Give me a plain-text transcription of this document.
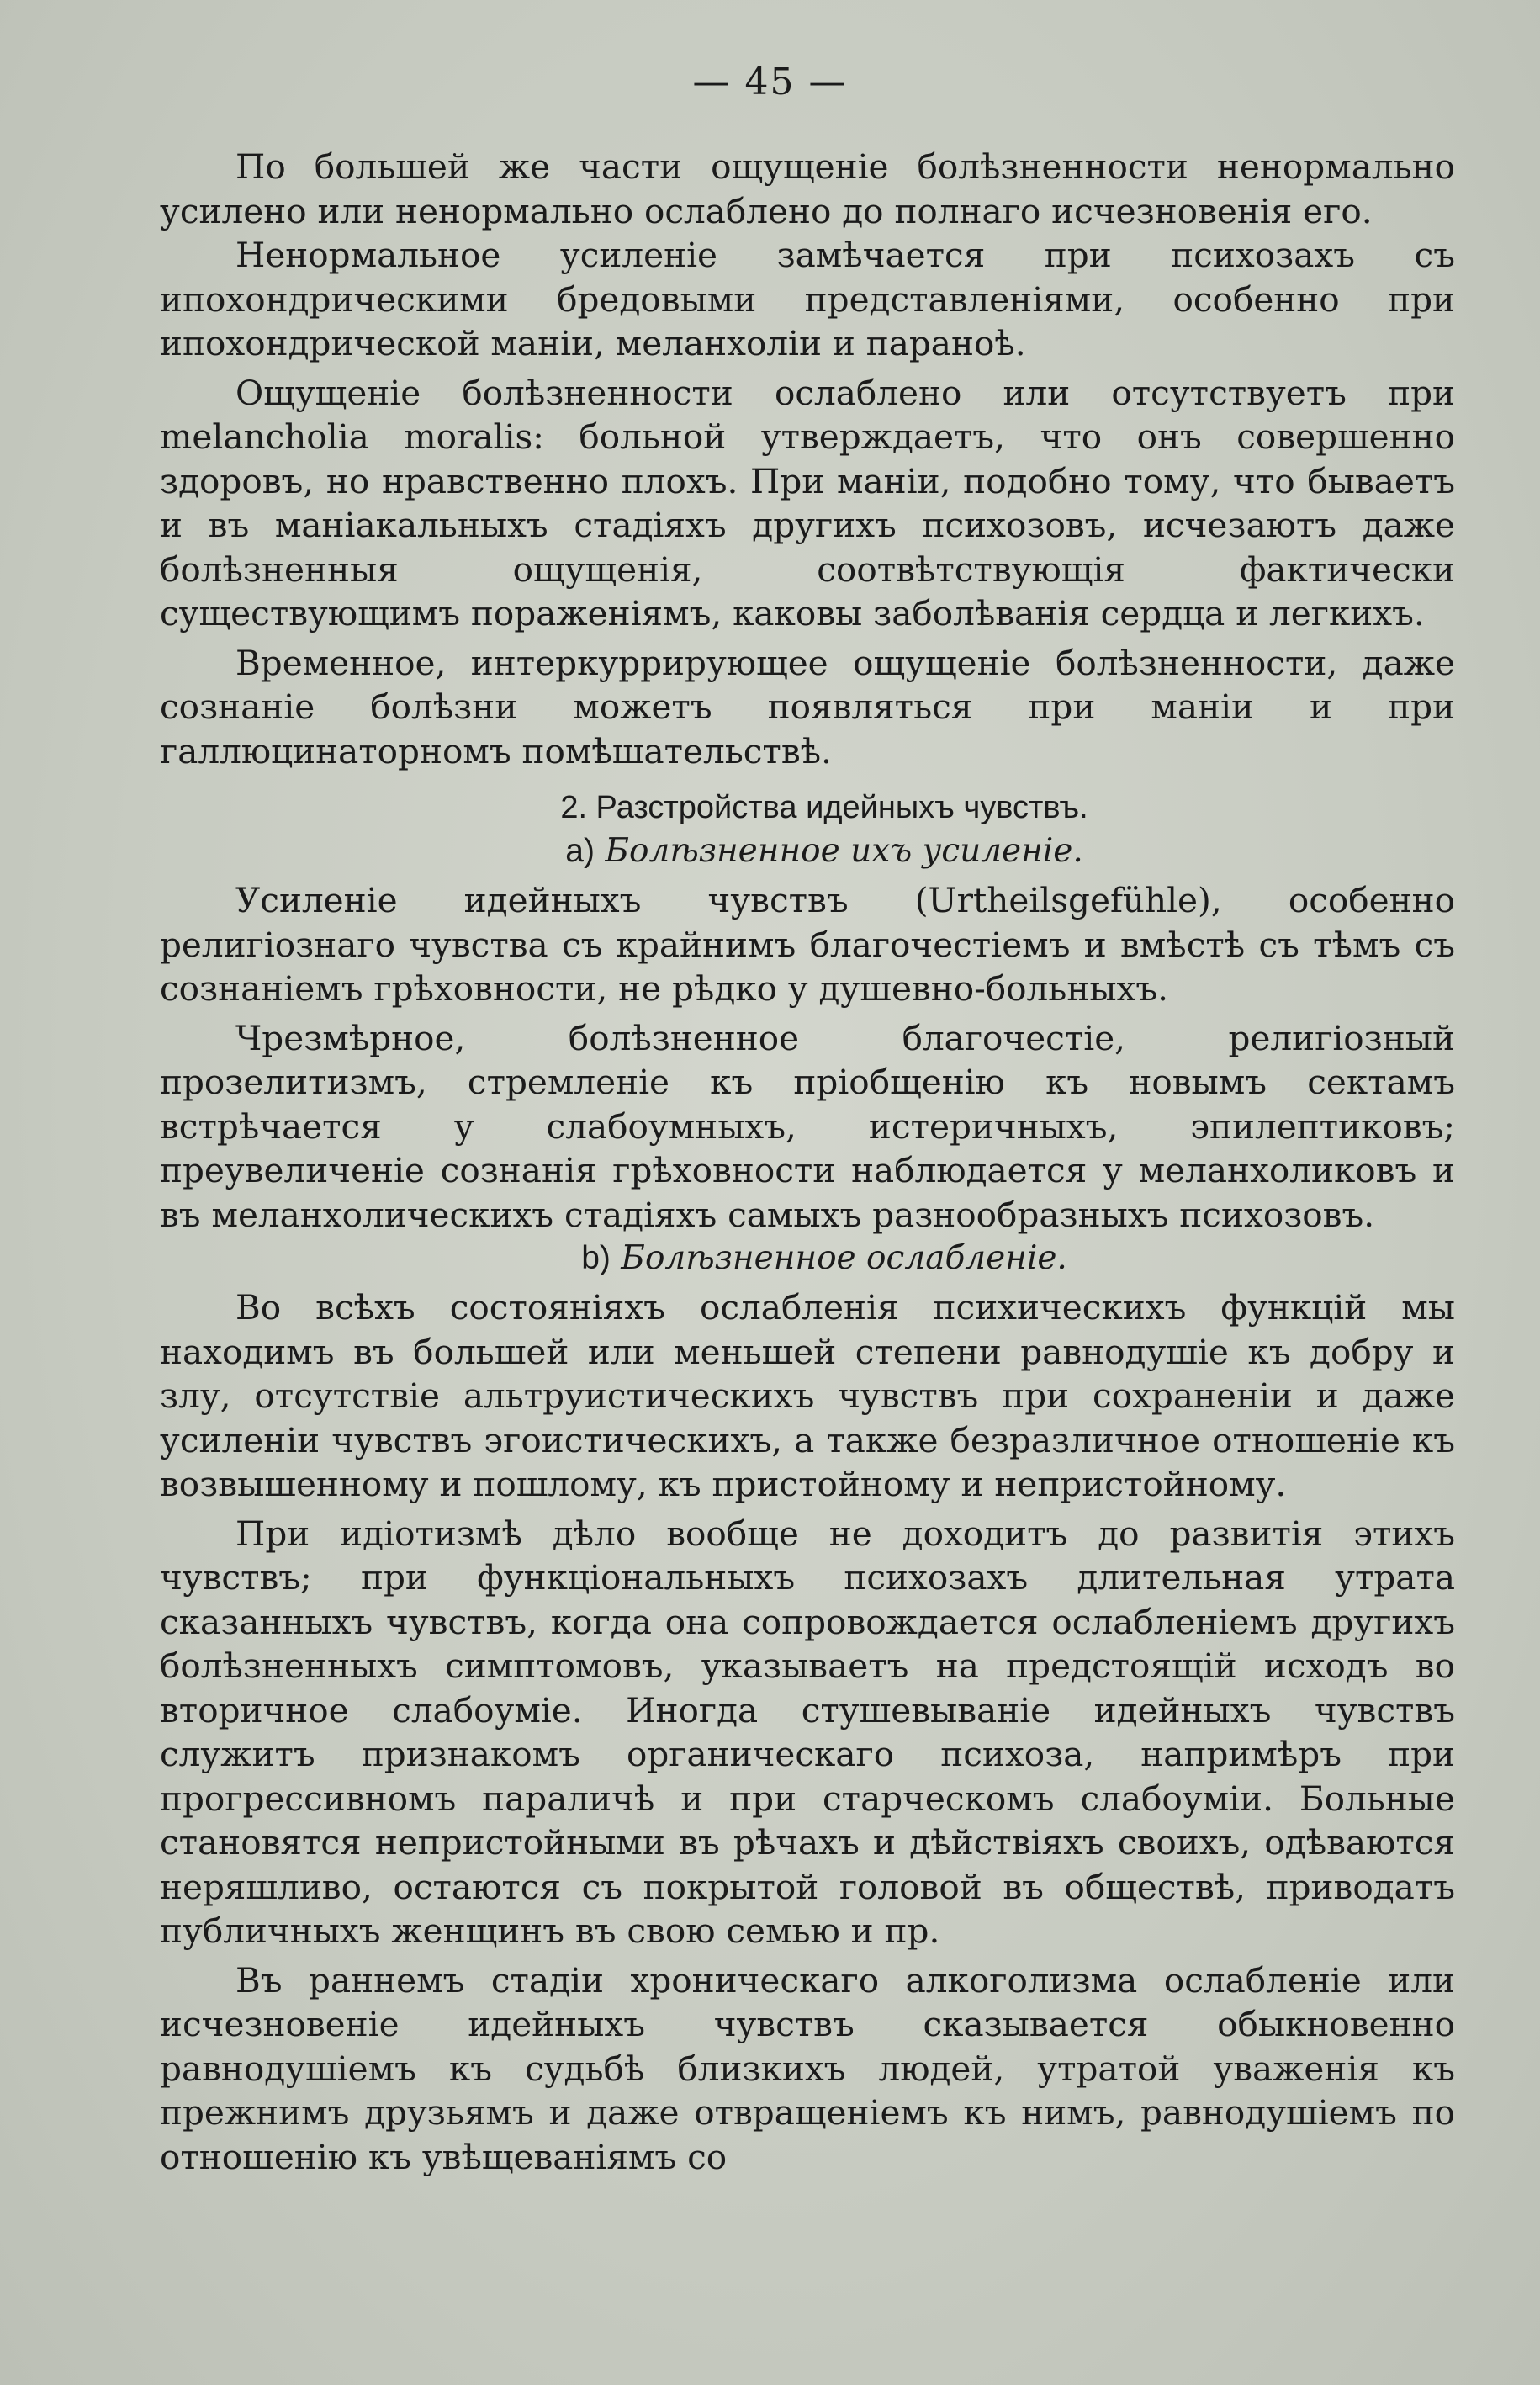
— 45 —

По большей же части ощущеніе болѣзненности ненормально усилено или ненормально ослаблено до полнаго исчезновенія его.

Ненормальное усиленіе замѣчается при психозахъ съ ипохондрическими бредовыми представленіями, особенно при ипохондрической маніи, меланхоліи и паранoѣ.

Ощущеніе болѣзненности ослаблено или отсутствуетъ при melancholia moralis: больной утверждаетъ, что онъ совершенно здоровъ, но нравственно плохъ. При маніи, подобно тому, что бываетъ и въ маніакальныхъ стадіяхъ другихъ психозовъ, исчезаютъ даже болѣзненныя ощущенія, соотвѣтствующія фактически существующимъ пораженіямъ, каковы заболѣванія сердца и легкихъ.

Временное, интеркуррирующее ощущеніе болѣзненности, даже сознаніе болѣзни можетъ появляться при маніи и при галлюцинаторномъ помѣшательствѣ.

2. Разстройства идейныхъ чувствъ.
a) Болѣзненное ихъ усиленіе.

Усиленіе идейныхъ чувствъ (Urtheilsgefühle), особенно религіознаго чувства съ крайнимъ благочестіемъ и вмѣстѣ съ тѣмъ съ сознаніемъ грѣховности, не рѣдко у душевно-больныхъ.

Чрезмѣрное, болѣзненное благочестіе, религіозный прозелитизмъ, стремленіе къ пріобщенію къ новымъ сектамъ встрѣчается у слабоумныхъ, истеричныхъ, эпилептиковъ; преувеличеніе сознанія грѣховности наблюдается у меланхоликовъ и въ меланхолическихъ стадіяхъ самыхъ разнообразныхъ психозовъ.

b) Болѣзненное ослабленіе.

Во всѣхъ состояніяхъ ослабленія психическихъ функцій мы находимъ въ большей или меньшей степени равнодушіе къ добру и злу, отсутствіе альтруистическихъ чувствъ при сохраненіи и даже усиленіи чувствъ эгоистическихъ, а также безразличное отношеніе къ возвышенному и пошлому, къ пристойному и непристойному.

При идіотизмѣ дѣло вообще не доходитъ до развитія этихъ чувствъ; при функціональныхъ психозахъ длительная утрата сказанныхъ чувствъ, когда она сопровождается ослабленіемъ другихъ болѣзненныхъ симптомовъ, указываетъ на предстоящій исходъ во вторичное слабоуміе. Иногда стушевываніе идейныхъ чувствъ служитъ признакомъ органическаго психоза, напримѣръ при прогрессивномъ параличѣ и при старческомъ слабоуміи. Больные становятся непристойными въ рѣчахъ и дѣйствіяхъ своихъ, одѣваются неряшливо, остаются съ покрытой головой въ обществѣ, приводатъ публичныхъ женщинъ въ свою семью и пр.

Въ раннемъ стадіи хроническаго алкоголизма ослабленіе или исчезновеніе идейныхъ чувствъ сказывается обыкновенно равнодушіемъ къ судьбѣ близкихъ людей, утратой уваженія къ прежнимъ друзьямъ и даже отвращеніемъ къ нимъ, равнодушіемъ по отношенію къ увѣщеваніямъ со
